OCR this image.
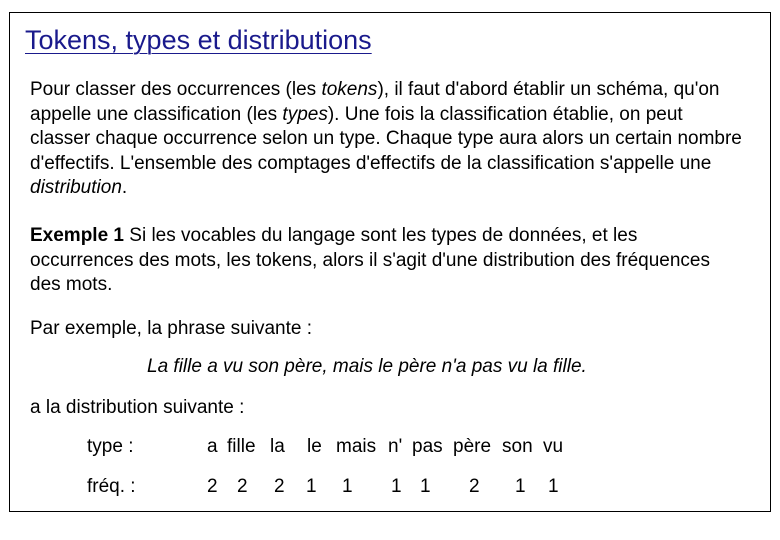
Tokens, types et distributions
Pour classer des occurrences (les tokens), il faut d'abord établir un schéma, qu'on appelle une classification (les types). Une fois la classification établie, on peut classer chaque occurrence selon un type. Chaque type aura alors un certain nombre d'effectifs. L'ensemble des comptages d'effectifs de la classification s'appelle une distribution.
Exemple 1 Si les vocables du langage sont les types de données, et les occurrences des mots, les tokens, alors il s'agit d'une distribution des fréquences des mots.
Par exemple, la phrase suivante :
La fille a vu son père, mais le père n'a pas vu la fille.
a la distribution suivante :
type :	a fille la le mais n' pas père son vu
fréq. :	2 2 2 1 1 1 1 2 1 1
